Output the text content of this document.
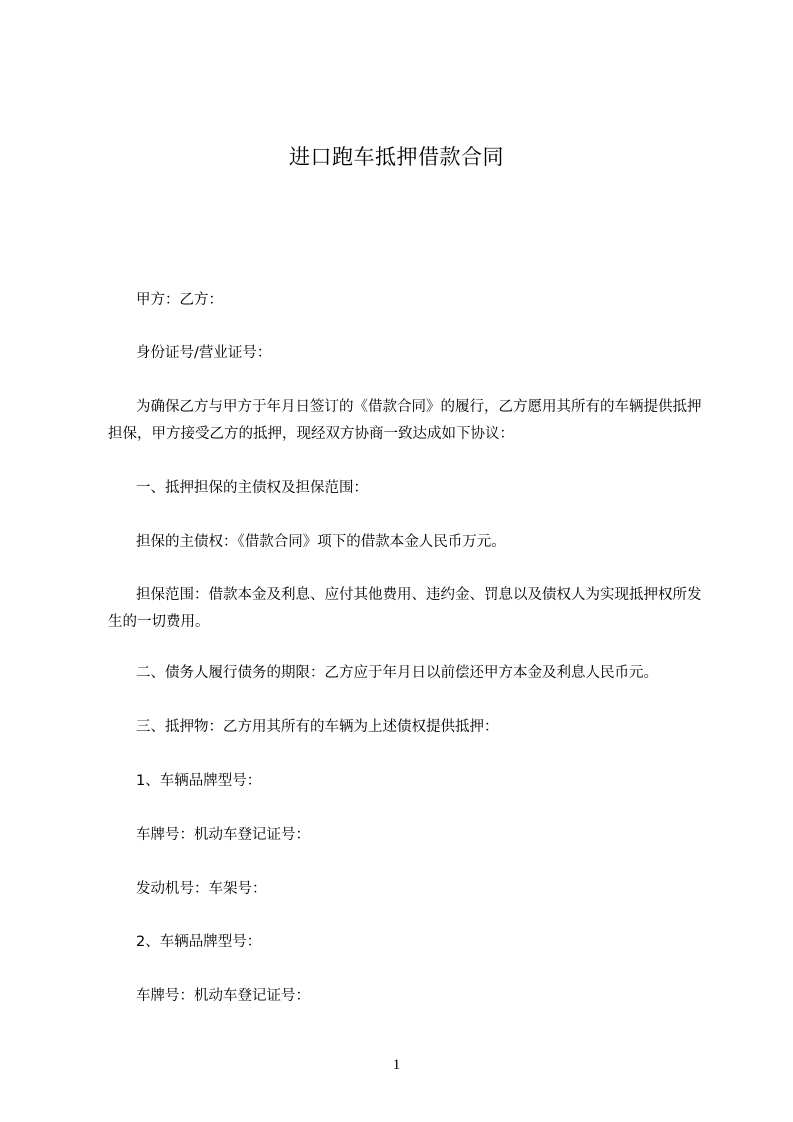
进口跑车抵押借款合同

甲方：乙方：

身份证号/营业证号：

为确保乙方与甲方于年月日签订的《借款合同》的履行，乙方愿用其所有的车辆提供抵押担保，甲方接受乙方的抵押，现经双方协商一致达成如下协议：

一、抵押担保的主债权及担保范围：

担保的主债权：《借款合同》项下的借款本金人民币万元。

担保范围：借款本金及利息、应付其他费用、违约金、罚息以及债权人为实现抵押权所发生的一切费用。

二、债务人履行债务的期限：乙方应于年月日以前偿还甲方本金及利息人民币元。

三、抵押物：乙方用其所有的车辆为上述债权提供抵押：

1、车辆品牌型号：

车牌号：机动车登记证号：

发动机号：车架号：

2、车辆品牌型号：

车牌号：机动车登记证号：

1
